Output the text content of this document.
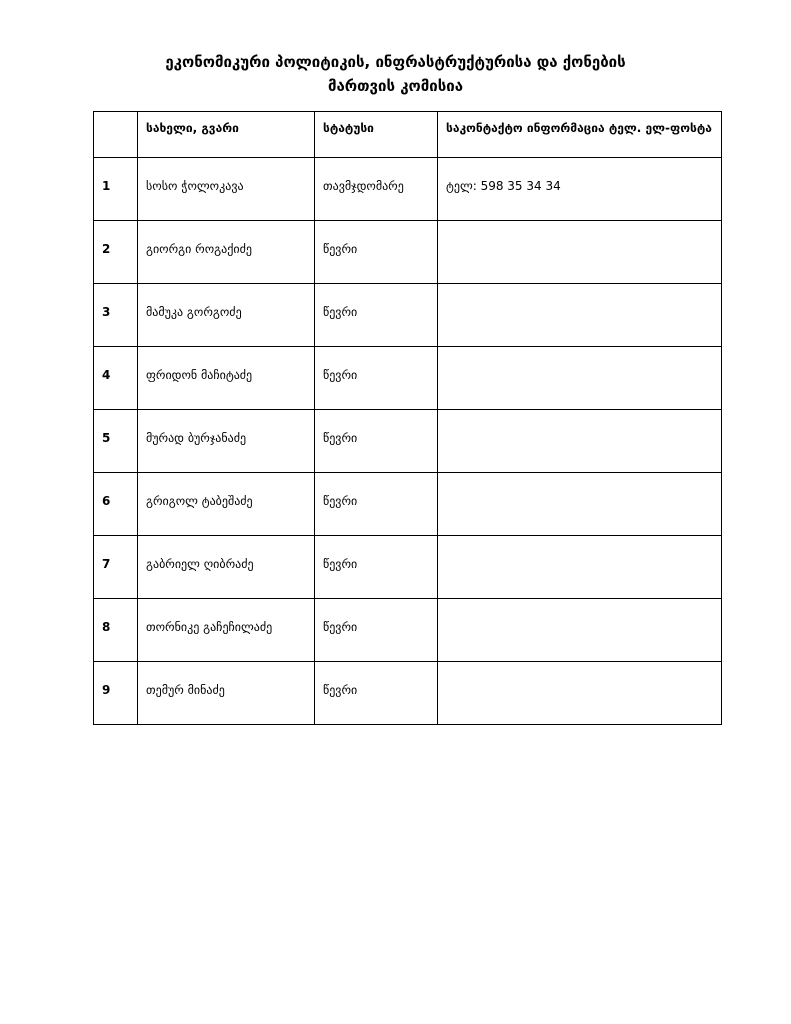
ეკონომიკური პოლიტიკის, ინფრასტრუქტურისა და ქონების
მართვის კომისია

	სახელი, გვარი	სტატუსი	საკონტაქტო ინფორმაცია ტელ. ელ-ფოსტა

1	სოსო ჭოლოკავა	თავმჯდომარე	ტელ: 598 35 34 34

2	გიორგი როგაქიძე	წევრი	

3	მამუკა გორგოძე	წევრი	

4	ფრიდონ მაჩიტაძე	წევრი	

5	მურად ბურჯანაძე	წევრი	

6	გრიგოლ ტაბეშაძე	წევრი	

7	გაბრიელ ღიბრაძე	წევრი	

8	თორნიკე გაჩეჩილაძე	წევრი	

9	თემურ მინაძე	წევრი	
